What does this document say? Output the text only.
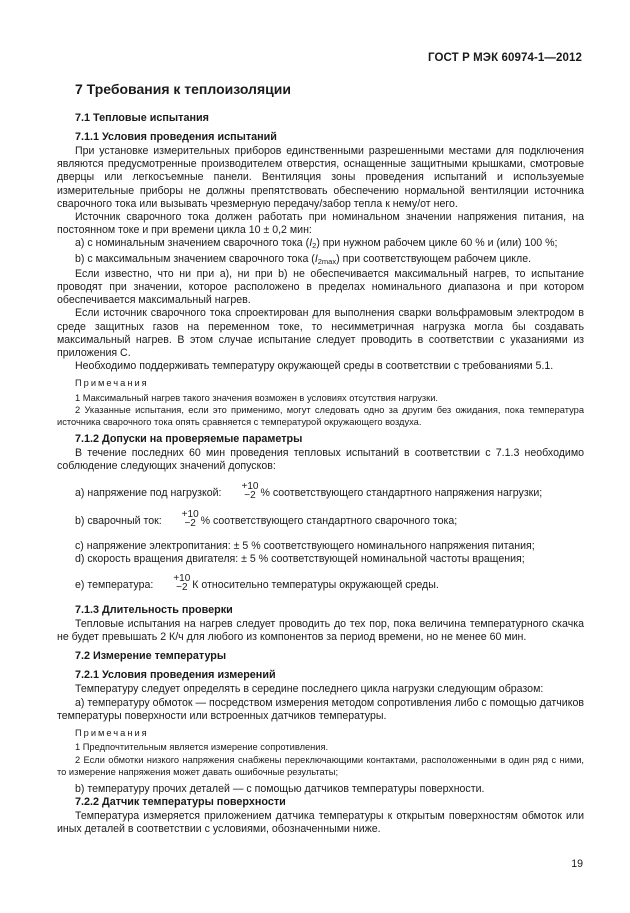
ГОСТ Р МЭК 60974-1—2012
7 Требования к теплоизоляции
7.1 Тепловые испытания
7.1.1 Условия проведения испытаний

При установке измерительных приборов единственными разрешенными местами для подключения являются предусмотренные производителем отверстия, оснащенные защитными крышками, смотровые дверцы или легкосъемные панели. Вентиляция зоны проведения испытаний и используемые измерительные приборы не должны препятствовать обеспечению нормальной вентиляции источника сварочного тока или вызывать чрезмерную передачу/забор тепла к нему/от него.

Источник сварочного тока должен работать при номинальном значении напряжения питания, на постоянном токе и при времени цикла 10 ± 0,2 мин:

а) с номинальным значением сварочного тока $(I_2)$ при нужном рабочем цикле 60 % и (или) 100 %;

b) с максимальным значением сварочного тока $(I_{2max})$ при соответствующем рабочем цикле.

Если известно, что ни при а), ни при b) не обеспечивается максимальный нагрев, то испытание проводят при значении, которое расположено в пределах номинального диапазона и при котором обеспечивается максимальный нагрев.

Если источник сварочного тока спроектирован для выполнения сварки вольфрамовым электродом в среде защитных газов на переменном токе, то несимметричная нагрузка могла бы создавать максимальный нагрев. В этом случае испытание следует проводить в соответствии с указаниями из приложения С.

Необходимо поддерживать температуру окружающей среды в соответствии с требованиями 5.1.

Примечания

1 Максимальный нагрев такого значения возможен в условиях отсутствия нагрузки.

2 Указанные испытания, если это применимо, могут следовать одно за другим без ожидания, пока температура источника сварочного тока опять сравняется с температурой окружающего воздуха.

7.1.2 Допуски на проверяемые параметры

В течение последних 60 мин проведения тепловых испытаний в соответствии с 7.1.3 необходимо соблюдение следующих значений допусков:

а) напряжение под нагрузкой:
+10
−2 % соответствующего стандартного напряжения нагрузки;

b) сварочный ток:
+10
−2 % соответствующего стандартного сварочного тока;

с) напряжение электропитания: ± 5 % соответствующего номинального напряжения питания;

d) скорость вращения двигателя: ± 5 % соответствующей номинальной частоты вращения;

е) температура:
+10
−2 К относительно температуры окружающей среды.

7.1.3 Длительность проверки

Тепловые испытания на нагрев следует проводить до тех пор, пока величина температурного скачка не будет превышать 2 К/ч для любого из компонентов за период времени, но не менее 60 мин.

7.2 Измерение температуры
7.2.1 Условия проведения измерений

Температуру следует определять в середине последнего цикла нагрузки следующим образом:

а) температуру обмоток — посредством измерения методом сопротивления либо с помощью датчиков температуры поверхности или встроенных датчиков температуры.

Примечания

1 Предпочтительным является измерение сопротивления.

2 Если обмотки низкого напряжения снабжены переключающими контактами, расположенными в один ряд с ними, то измерение напряжения может давать ошибочные результаты;

b) температуру прочих деталей — с помощью датчиков температуры поверхности.

7.2.2 Датчик температуры поверхности

Температура измеряется приложением датчика температуры к открытым поверхностям обмоток или иных деталей в соответствии с условиями, обозначенными ниже.

19
